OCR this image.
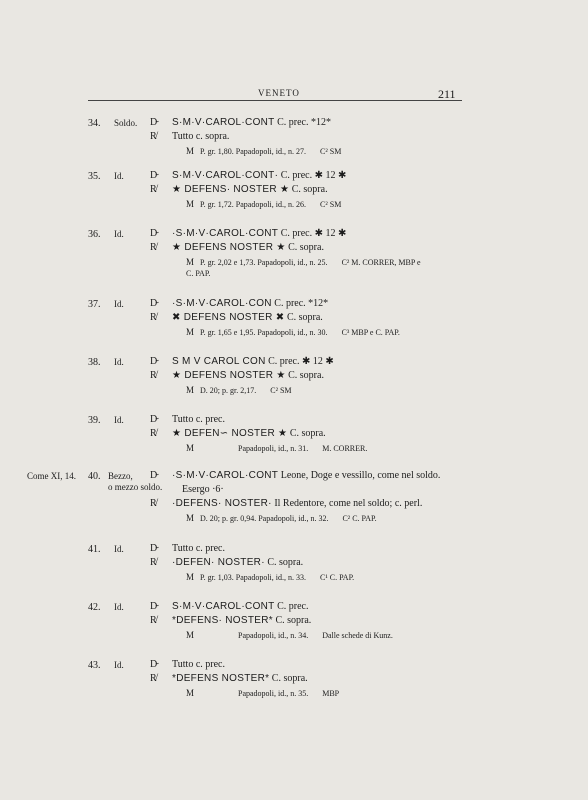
VENETO	211
34. Soldo. D̴ S·M·V·CAROL·CONT C. prec. *12*
R̸ Tutto c. sopra.
M P. gr. 1,80. Papadopoli, id., n. 27. C² SM
35. Id.	D̴ S·M·V·CAROL·CONT· C. prec. ✱ 12 ✱
R̸ ★ DEFENS· NOSTER ★ C. sopra.
M P. gr. 1,72. Papadopoli, id., n. 26. C² SM
36. Id.	D̴ ·S·M·V·CAROL·CONT C. prec. ✱ 12 ✱
R̸ ★ DEFENS NOSTER ★ C. sopra.
M P. gr. 2,02 e 1,73. Papadopoli, id., n. 25. C² M. CORRER, MBP e
C. PAP.
37. Id.	D̴ ·S·M·V·CAROL·CON C. prec. *12*
R̸ ✖ DEFENS NOSTER ✖ C. sopra.
M P. gr. 1,65 e 1,95. Papadopoli, id., n. 30. C³ MBP e C. PAP.
38. Id.	D̴ S M V CAROL CON C. prec. ✱ 12 ✱
R̸ ★ DEFENS NOSTER ★ C. sopra.
M D. 20; p. gr. 2,17. C² SM
39. Id.	D̴ Tutto c. prec.
R̸ ★ DEFEN∽ NOSTER ★ C. sopra.
M	Papadopoli, id., n. 31. M. CORRER.
Come XI, 14. 40. Bezzo,
o mezzo soldo.
D̴ ·S·M·V·CAROL·CONT Leone, Doge e vessillo, come nel soldo.
Esergo ·6·
R̸ ·DEFENS· NOSTER· Il Redentore, come nel soldo; c. perl.
M D. 20; p. gr. 0,94. Papadopoli, id., n. 32. C² C. PAP.
41. Id.	D̴ Tutto c. prec.
R̸ ·DEFEN· NOSTER· C. sopra.
M P. gr. 1,03. Papadopoli, id., n. 33. C¹ C. PAP.
42. Id.	D̴ S·M·V·CAROL·CONT C. prec.
R̸ *DEFENS· NOSTER* C. sopra.
M	Papadopoli, id., n. 34. Dalle schede di Kunz.
43. Id.	D̴ Tutto c. prec.
R̸ *DEFENS NOSTER* C. sopra.
M	Papadopoli, id., n. 35. MBP
